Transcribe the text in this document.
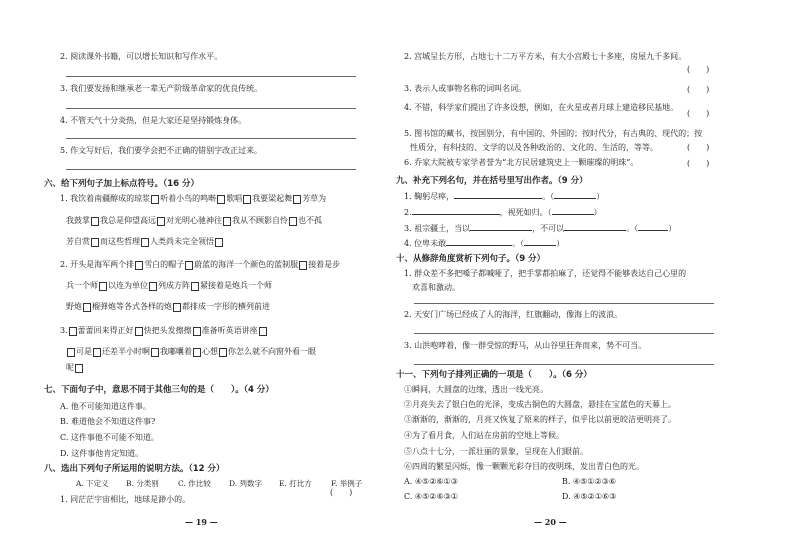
2. 阅读课外书籍，可以增长知识和写作水平。
3. 我们要发扬和继承老一辈无产阶级革命家的优良传统。
4. 不管天气十分炎热，但是大家还是坚持锻炼身体。
5. 作文写好后，我们要学会把不正确的错别字改正过来。
六、给下列句子加上标点符号。（16 分）
1. 我饮着南疆醇成的琼浆 听着小鸟的鸣啭 歌唱 我要梁起舞 芳草为
我鼓掌 我总是仰望高远 对光明心驰神往 我从不顾影自怜 也不孤
芳自赏 而这些哲理 人类尚未完全领悟
2. 开头是海军两个排 雪白的帽子 蔚蓝的海洋一个颜色的蓝制服 接着是步
兵一个师 以连为单位 列成方阵 紧接着是炮兵一个师
野炮 榴弹炮等各式各样的炮 都排成一字形的横列前进
3. 蕾蕾回来得正好 快把头发擦擦 准备听英语讲座
可是 还差半小时啊 我嘟囔着 心想 你怎么就不向窗外看一眼
呢
七、下面句子中，意思不同于其他三句的是（　　）。（4 分）
A. 他不可能知道这件事。
B. 难道他会不知道这件事?
C. 这件事他不可能不知道。
D. 这件事他肯定知道。
八、选出下列句子所运用的说明方法。（12 分）
A. 下定义 B. 分类别	C. 作比较 D. 列数字 E. 打比方	F. 举例子
1. 同茫茫宇宙相比，地球是渺小的。
(　　)
— 19 —
2. 宫城呈长方形，占地七十二万平方米，有大小宫殿七十多座，房屋九千多间。
(　　)
3. 表示人或事物名称的词叫名词。	(　　)
4. 不错，科学家们提出了许多设想，例如，在火星或者月球上建造移民基地。
(　　)
5. 图书馆的藏书，按国别分，有中国的、外国的；按时代分，有古典的、现代的；按
性质分，有科技的、文学的以及各种政治的、文化的、生活的，等等。	(　　)
6. 乔家大院被专家学者誉为“北方民居建筑史上一颗璀璨的明珠”。	(　　)
九、补充下列名句，并在括号里写出作者。（9 分）
1. 鞠躬尽瘁，	。（	）
2.	，视死如归。（	）
3. 祖宗疆土，当以	，不可以	。（	）
4. 位卑未敢	。（	）
十、从修辞角度赏析下列句子。（9 分）
1. 群众差不多把嗓子都喊哑了，把手掌都拍麻了，还觉得不能够表达自己心里的
欢喜和激动。
2. 天安门广场已经成了人的海洋，红旗翻动，像海上的波浪。
3. 山洪咆哮着，像一群受惊的野马，从山谷里狂奔而来，势不可当。
十一、下列句子排列正确的一项是（　　）。（6 分）
①瞬间，大圆盘的边缘，透出一线光亮。
②月亮失去了银白色的光泽，变成古铜色的大圆盘，悬挂在宝蓝色的天幕上。
③渐渐的，渐渐的，月亮又恢复了原来的样子，似乎比以前更皎洁更明亮了。
④为了看月食，人们站在房前的空地上等候。
⑤八点十七分，一派壮丽的景象，呈现在人们眼前。
⑥四周的繁星闪烁，像一颗颗光彩夺目的夜明珠，发出青白色的光。
A. ④⑤②⑥①③	B. ④⑤①②③⑥
C. ④⑤②⑥③①	D. ④⑤②①⑥③
— 20 —
